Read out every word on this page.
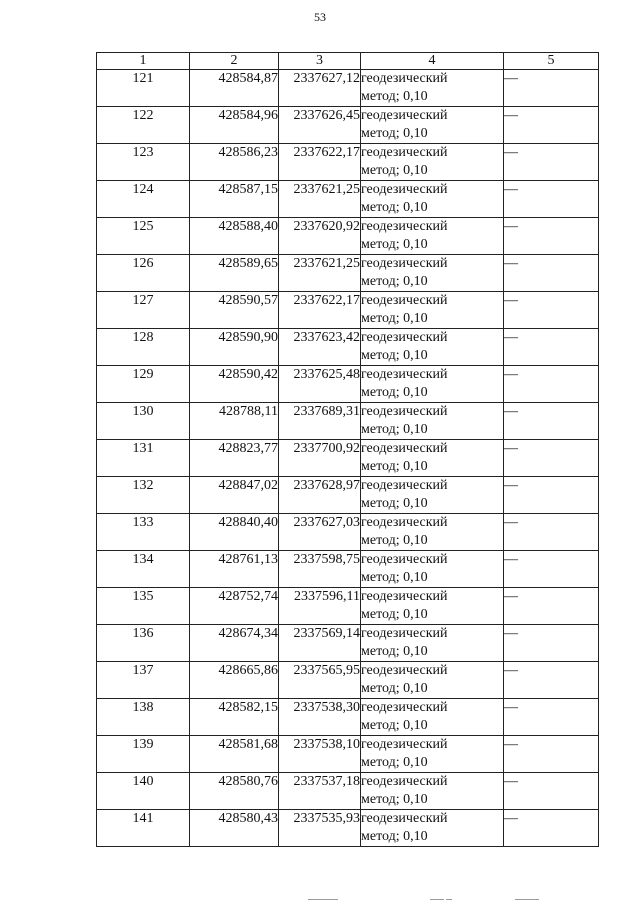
53
1	2	3	4	5
121	428584,87	2337627,12	геодезический
метод; 0,10	—
122	428584,96	2337626,45	геодезический
метод; 0,10	—
123	428586,23	2337622,17	геодезический
метод; 0,10	—
124	428587,15	2337621,25	геодезический
метод; 0,10	—
125	428588,40	2337620,92	геодезический
метод; 0,10	—
126	428589,65	2337621,25	геодезический
метод; 0,10	—
127	428590,57	2337622,17	геодезический
метод; 0,10	—
128	428590,90	2337623,42	геодезический
метод; 0,10	—
129	428590,42	2337625,48	геодезический
метод; 0,10	—
130	428788,11	2337689,31	геодезический
метод; 0,10	—
131	428823,77	2337700,92	геодезический
метод; 0,10	—
132	428847,02	2337628,97	геодезический
метод; 0,10	—
133	428840,40	2337627,03	геодезический
метод; 0,10	—
134	428761,13	2337598,75	геодезический
метод; 0,10	—
135	428752,74	2337596,11	геодезический
метод; 0,10	—
136	428674,34	2337569,14	геодезический
метод; 0,10	—
137	428665,86	2337565,95	геодезический
метод; 0,10	—
138	428582,15	2337538,30	геодезический
метод; 0,10	—
139	428581,68	2337538,10	геодезический
метод; 0,10	—
140	428580,76	2337537,18	геодезический
метод; 0,10	—
141	428580,43	2337535,93	геодезический
метод; 0,10	—
